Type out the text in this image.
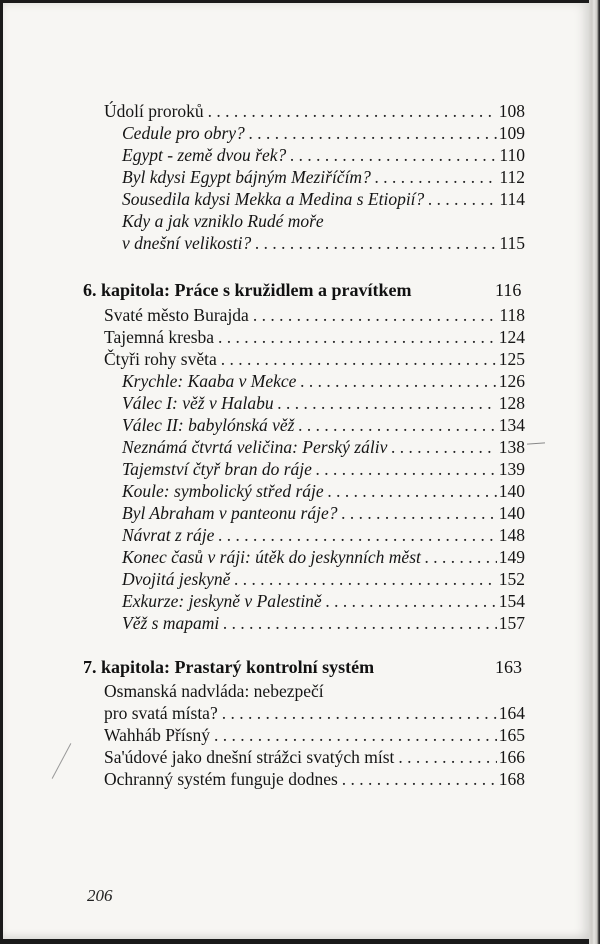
Údolí proroků . . .	108
Cedule pro obry? . . .	109
Egypt - země dvou řek? . . .	110
Byl kdysi Egypt bájným Meziříčím? . . .	112
Sousedila kdysi Mekka a Medina s Etiopií? . . .	114
Kdy a jak vzniklo Rudé moře
v dnešní velikosti? . . .	115
6. kapitola: Práce s kružidlem a pravítkem	116
Svaté město Burajda . . .	118
Tajemná kresba . . .	124
Čtyři rohy světa . . .	125
Krychle: Kaaba v Mekce . . .	126
Válec I: věž v Halabu . . .	128
Válec II: babylónská věž . . .	134
Neznámá čtvrtá veličina: Perský záliv . . .	138
Tajemství čtyř bran do ráje . . .	139
Koule: symbolický střed ráje . . .	140
Byl Abraham v panteonu ráje? . . .	140
Návrat z ráje . . .	148
Konec časů v ráji: útěk do jeskynních měst . . .	149
Dvojitá jeskyně . . .	152
Exkurze: jeskyně v Palestině . . .	154
Věž s mapami . . .	157
7. kapitola: Prastarý kontrolní systém	163
Osmanská nadvláda: nebezpečí
pro svatá místa? . . .	164
Wahháb Přísný . . .	165
Sa'údové jako dnešní strážci svatých míst . . .	166
Ochranný systém funguje dodnes . . .	168
206
